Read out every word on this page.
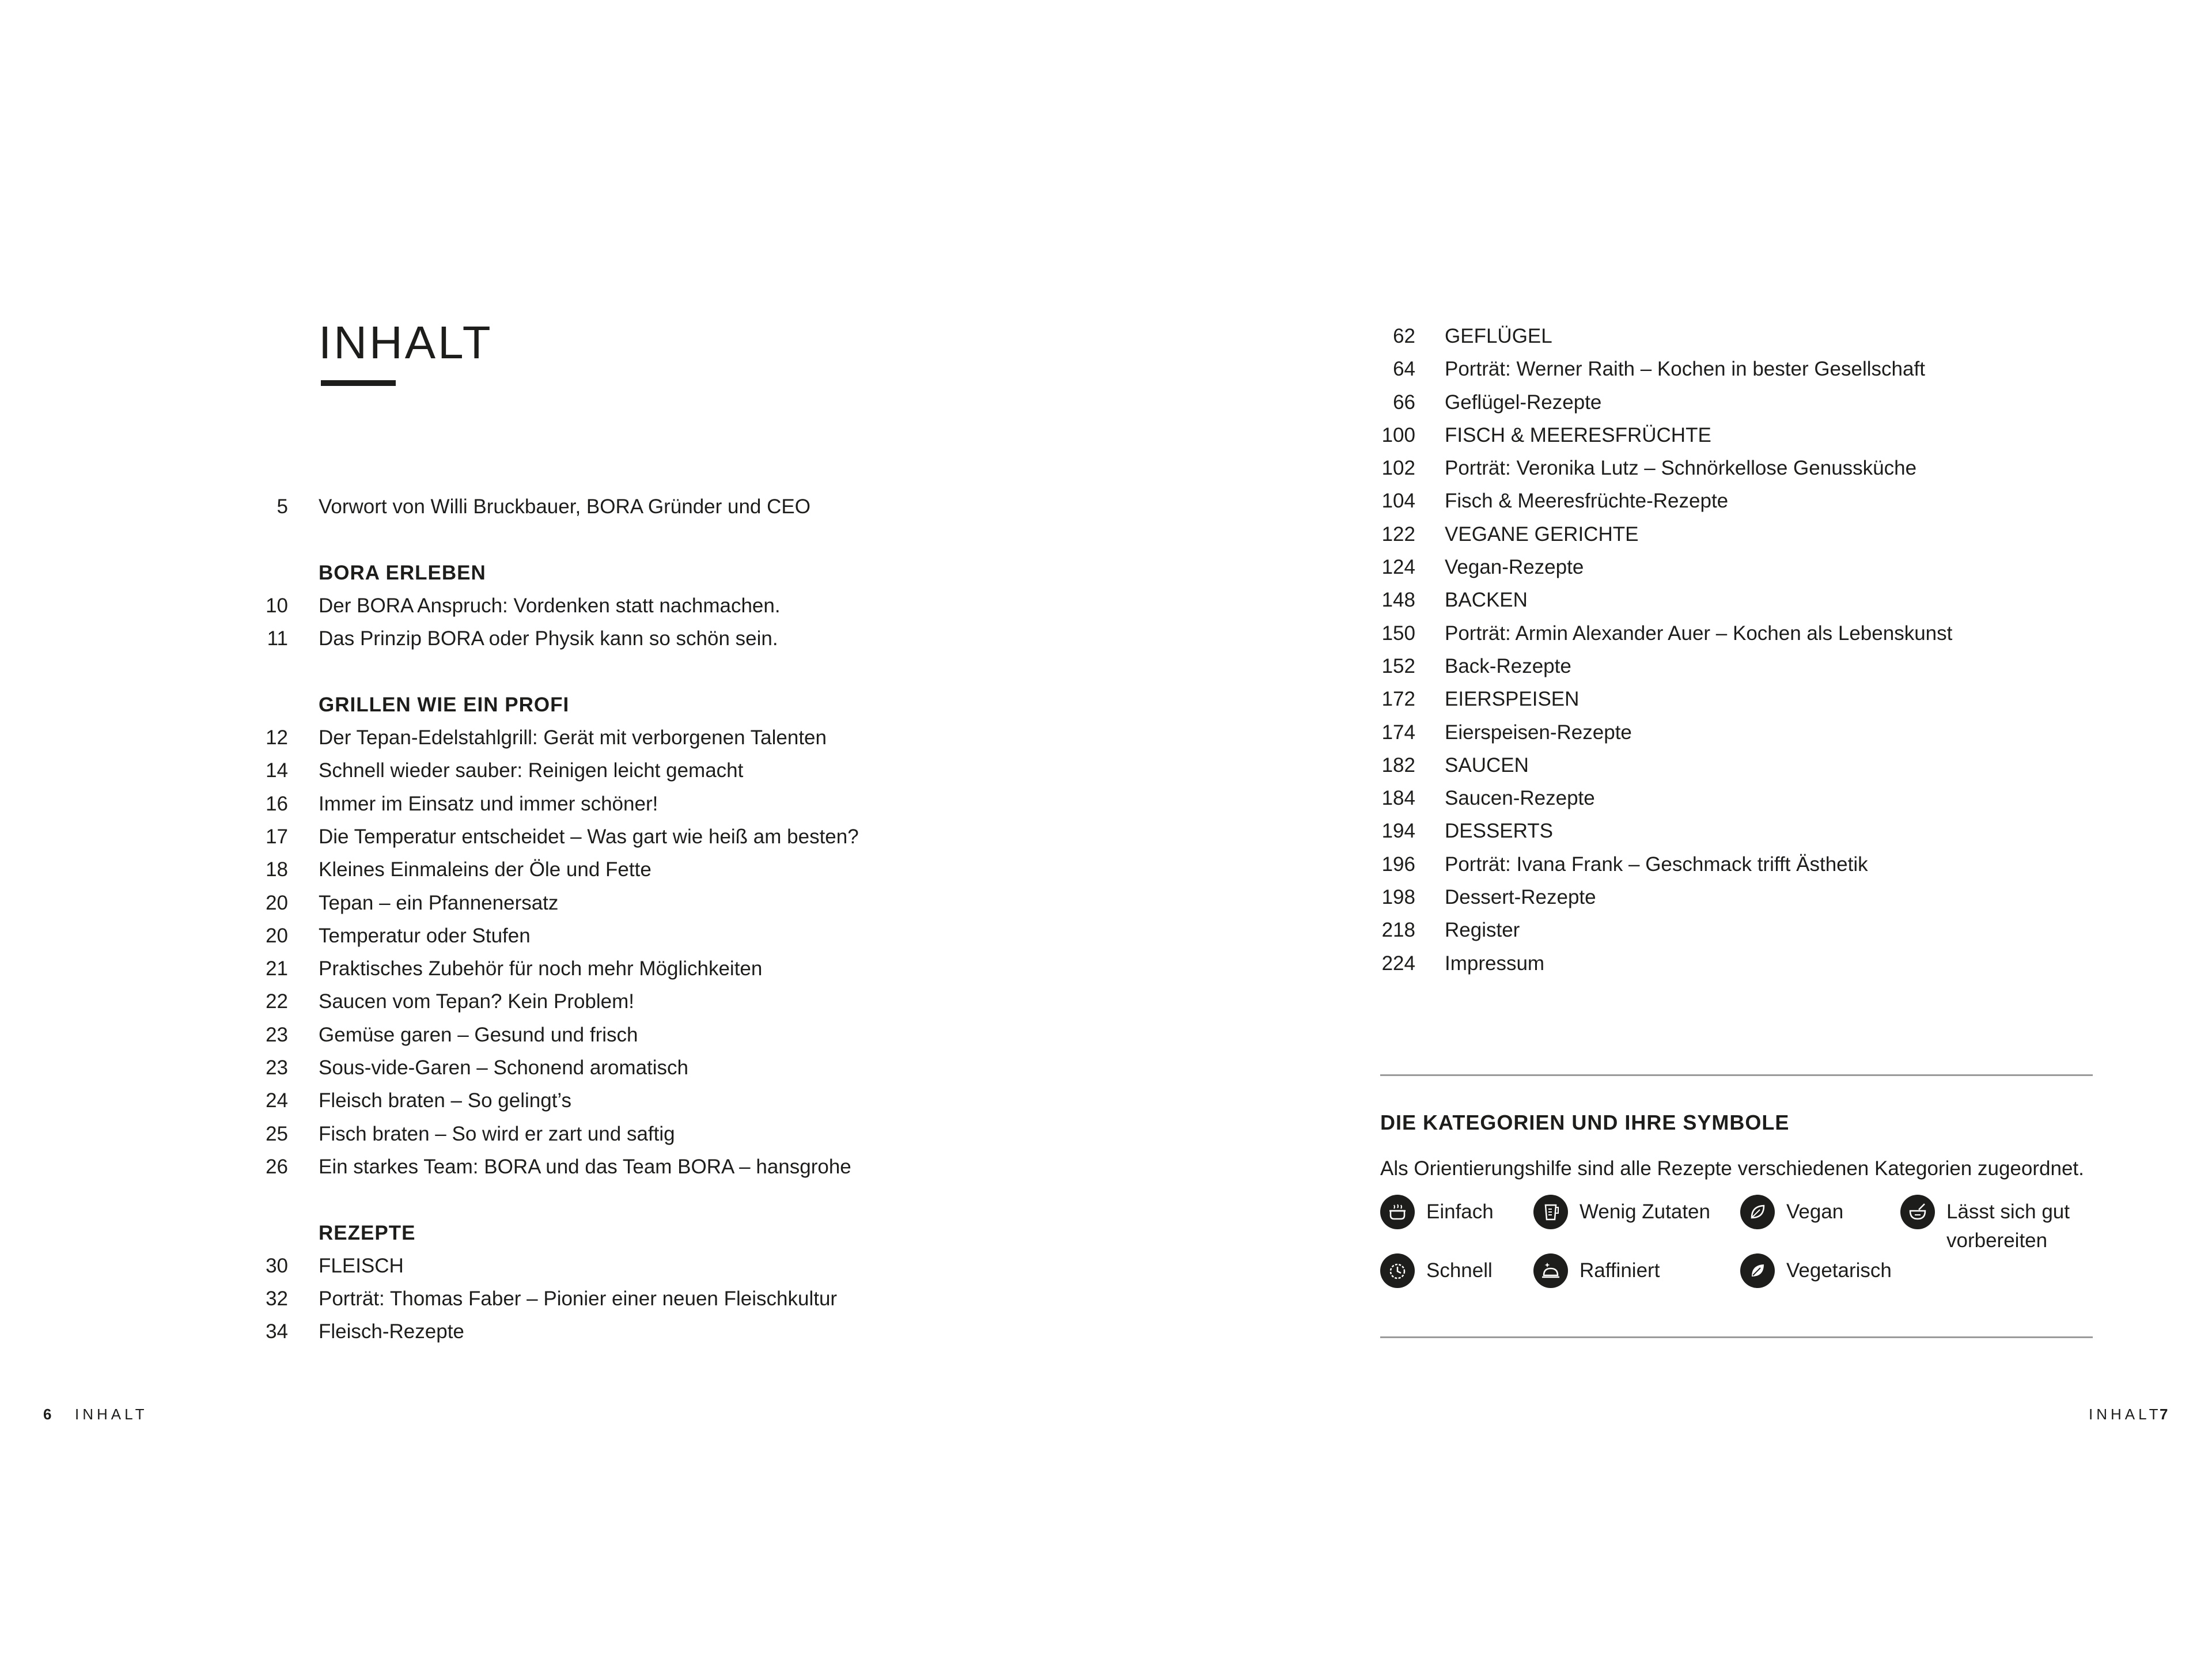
INHALT
5 Vorwort von Willi Bruckbauer, BORA Gründer und CEO
BORA ERLEBEN
10 Der BORA Anspruch: Vordenken statt nachmachen.
11 Das Prinzip BORA oder Physik kann so schön sein.
GRILLEN WIE EIN PROFI
12 Der Tepan-Edelstahlgrill: Gerät mit verborgenen Talenten
14 Schnell wieder sauber: Reinigen leicht gemacht
16 Immer im Einsatz und immer schöner!
17 Die Temperatur entscheidet – Was gart wie heiß am besten?
18 Kleines Einmaleins der Öle und Fette
20 Tepan – ein Pfannenersatz
20 Temperatur oder Stufen
21 Praktisches Zubehör für noch mehr Möglichkeiten
22 Saucen vom Tepan? Kein Problem!
23 Gemüse garen – Gesund und frisch
23 Sous-vide-Garen – Schonend aromatisch
24 Fleisch braten – So gelingt’s
25 Fisch braten – So wird er zart und saftig
26 Ein starkes Team: BORA und das Team BORA – hansgrohe
REZEPTE
30 FLEISCH
32 Porträt: Thomas Faber – Pionier einer neuen Fleischkultur
34 Fleisch-Rezepte
6 INHALT
62 GEFLÜGEL
64 Porträt: Werner Raith – Kochen in bester Gesellschaft
66 Geflügel-Rezepte
100 FISCH & MEERESFRÜCHTE
102 Porträt: Veronika Lutz – Schnörkellose Genussküche
104 Fisch & Meeresfrüchte-Rezepte
122 VEGANE GERICHTE
124 Vegan-Rezepte
148 BACKEN
150 Porträt: Armin Alexander Auer – Kochen als Lebenskunst
152 Back-Rezepte
172 EIERSPEISEN
174 Eierspeisen-Rezepte
182 SAUCEN
184 Saucen-Rezepte
194 DESSERTS
196 Porträt: Ivana Frank – Geschmack trifft Ästhetik
198 Dessert-Rezepte
218 Register
224 Impressum
DIE KATEGORIEN UND IHRE SYMBOLE
Als Orientierungshilfe sind alle Rezepte verschiedenen Kategorien zugeordnet.
Einfach	Wenig Zutaten	Vegan	Lässt sich gut vorbereiten
Schnell	Raffiniert	Vegetarisch
INHALT
7
